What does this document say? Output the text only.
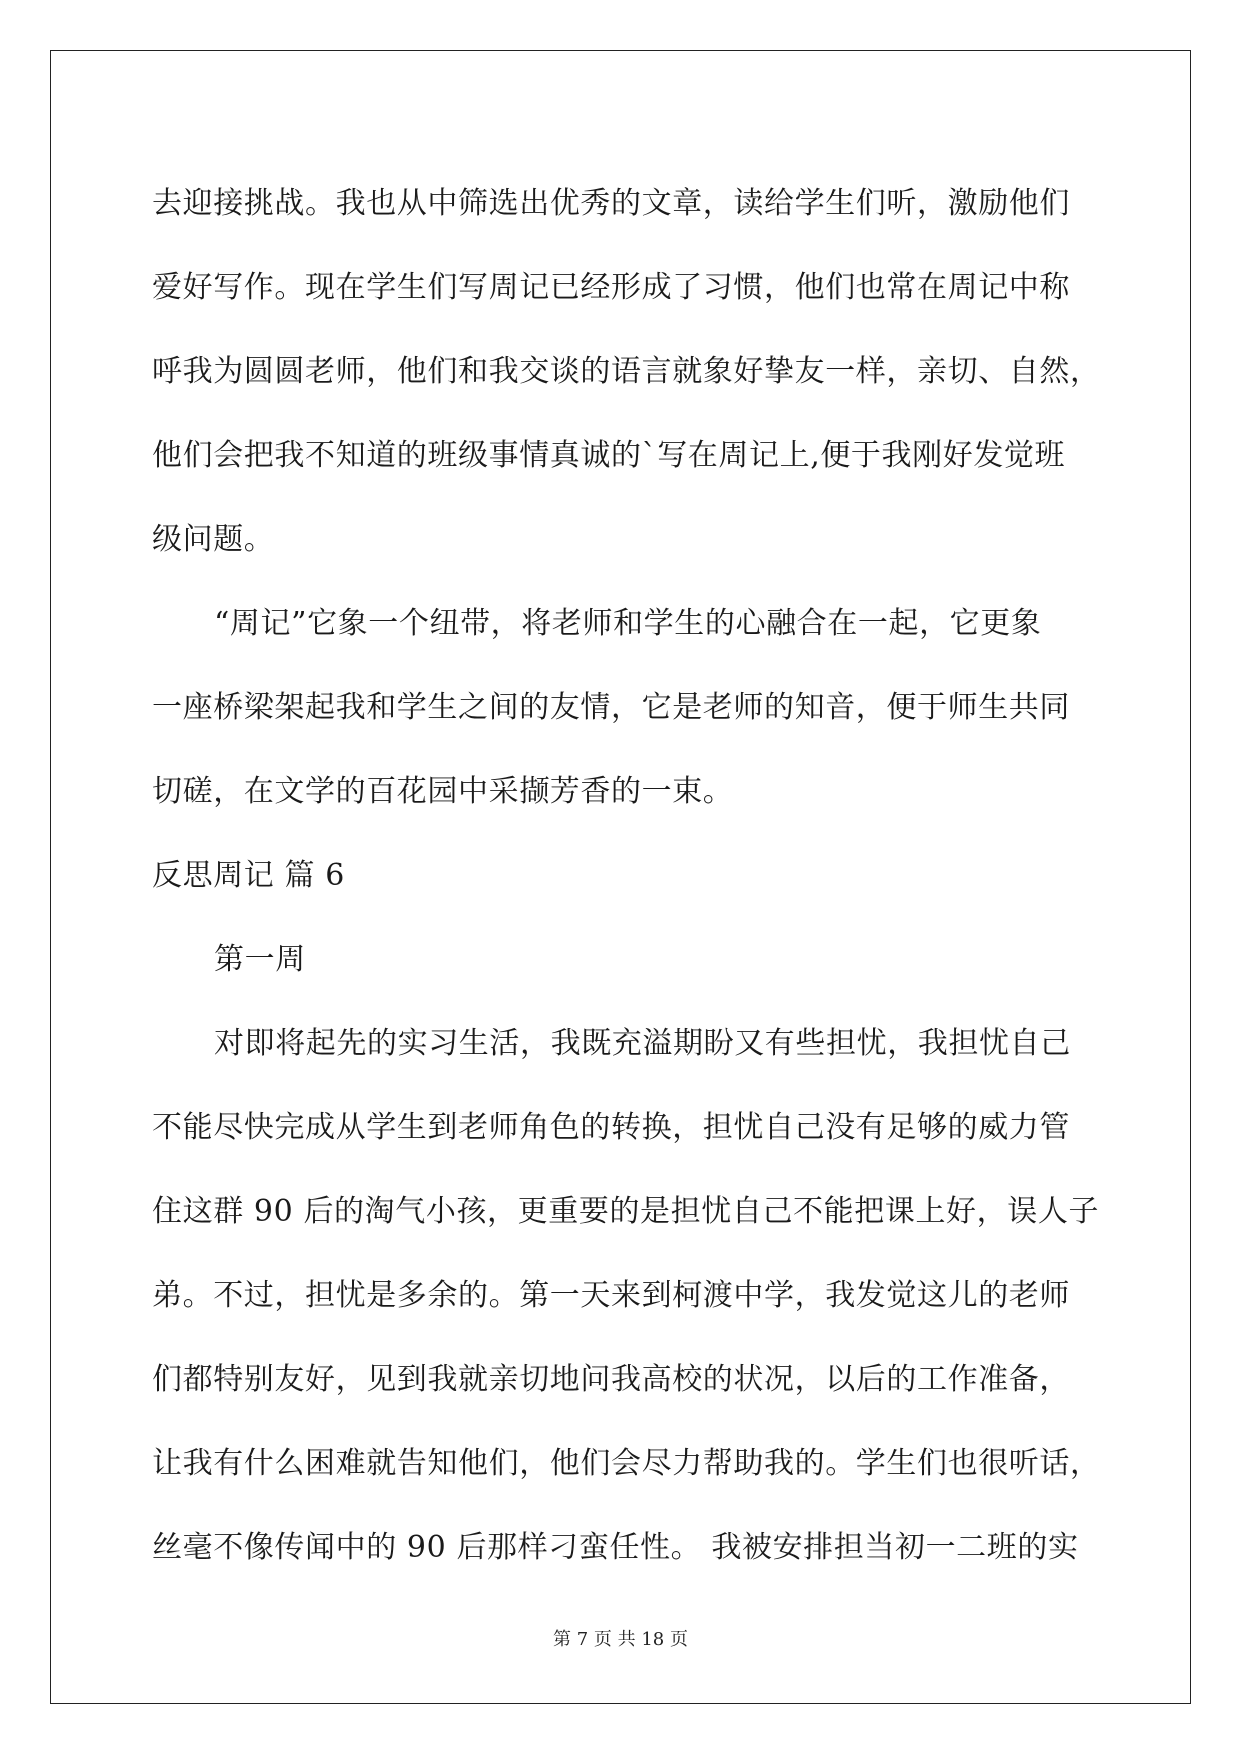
去迎接挑战。我也从中筛选出优秀的文章，读给学生们听，激励他们
爱好写作。现在学生们写周记已经形成了习惯，他们也常在周记中称
呼我为圆圆老师，他们和我交谈的语言就象好挚友一样，亲切、自然，
他们会把我不知道的班级事情真诚的`写在周记上,便于我刚好发觉班
级问题。
“周记”它象一个纽带，将老师和学生的心融合在一起，它更象
一座桥梁架起我和学生之间的友情，它是老师的知音，便于师生共同
切磋，在文学的百花园中采撷芳香的一束。
反思周记 篇 6
第一周
对即将起先的实习生活，我既充溢期盼又有些担忧，我担忧自己
不能尽快完成从学生到老师角色的转换，担忧自己没有足够的威力管
住这群 90 后的淘气小孩，更重要的是担忧自己不能把课上好，误人子
弟。不过，担忧是多余的。第一天来到柯渡中学，我发觉这儿的老师
们都特别友好，见到我就亲切地问我高校的状况，以后的工作准备，
让我有什么困难就告知他们，他们会尽力帮助我的。学生们也很听话，
丝毫不像传闻中的 90 后那样刁蛮任性。 我被安排担当初一二班的实
第 7 页 共 18 页
